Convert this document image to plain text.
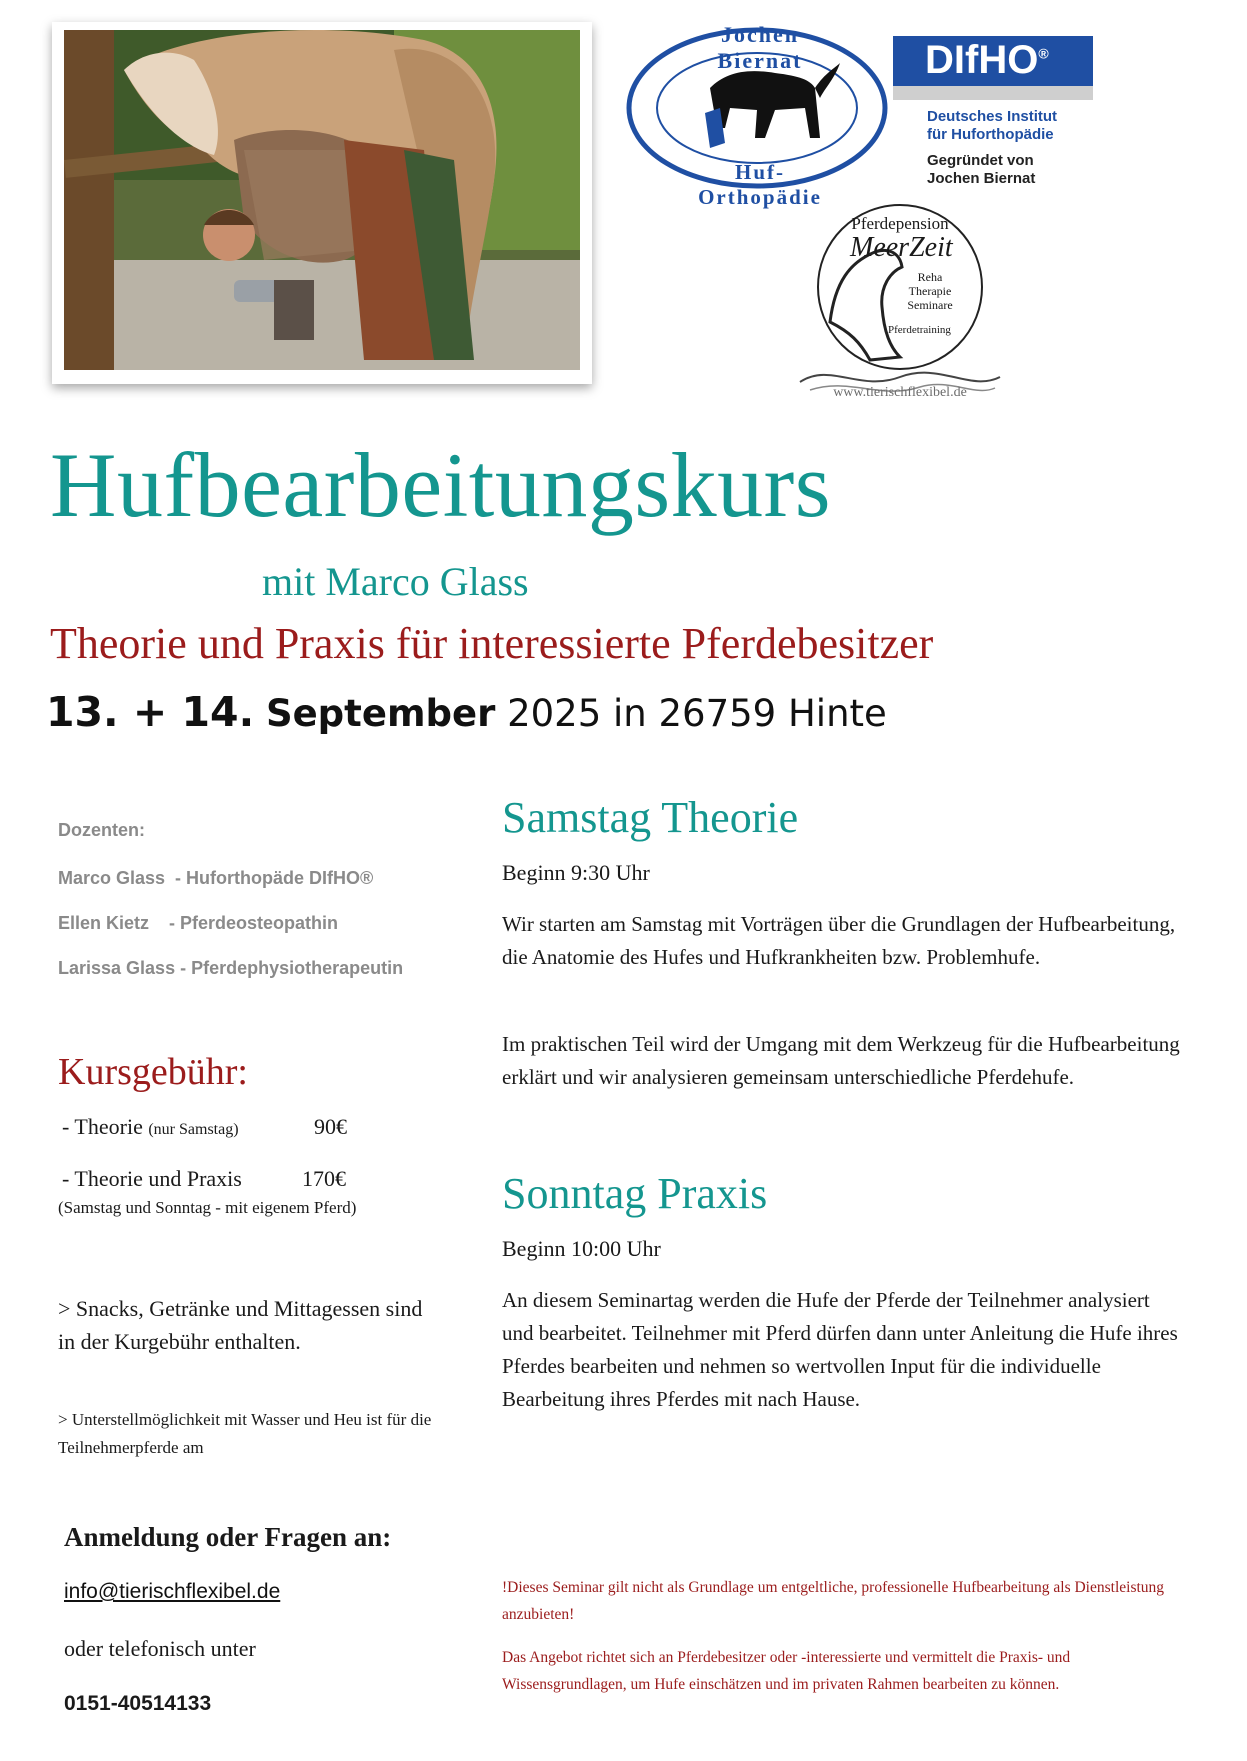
Jochen Biernat
Huf-Orthopädie
DIfHO®
Deutsches Institut
für Huforthopädie
Gegründet von
Jochen Biernat
Pferdepension
MeerZeit
Reha
Therapie
Seminare
Pferdetraining
www.tierischflexibel.de
Hufbearbeitungskurs
mit Marco Glass
Theorie und Praxis für interessierte Pferdebesitzer
13. + 14. September 2025 in 26759 Hinte
Dozenten:
Marco Glass  - Huforthopäde DIfHO®
Ellen Kietz    - Pferdeosteopathin
Larissa Glass - Pferdephysiotherapeutin
Kursgebühr:
- Theorie (nur Samstag)	90€
- Theorie und Praxis	170€
(Samstag und Sonntag - mit eigenem Pferd)
> Snacks, Getränke und Mittagessen sind in der Kurgebühr enthalten.
> Unterstellmöglichkeit mit Wasser und Heu ist für die Teilnehmerpferde am
Anmeldung oder Fragen an:
info@tierischflexibel.de
oder telefonisch unter
0151-40514133
Samstag Theorie
Beginn 9:30 Uhr
Wir starten am Samstag mit Vorträgen über die Grundlagen der Hufbearbeitung, die Anatomie des Hufes und Hufkrankheiten bzw. Problemhufe.
Im praktischen Teil wird der Umgang mit dem Werkzeug für die Hufbearbeitung erklärt und wir analysieren gemeinsam unterschiedliche Pferdehufe.
Sonntag Praxis
Beginn 10:00 Uhr
An diesem Seminartag werden die Hufe der Pferde der Teilnehmer analysiert und bearbeitet. Teilnehmer mit Pferd dürfen dann unter Anleitung die Hufe ihres Pferdes bearbeiten und nehmen so wertvollen Input für die individuelle Bearbeitung ihres Pferdes mit nach Hause.
!Dieses Seminar gilt nicht als Grundlage um entgeltliche, professionelle Hufbearbeitung als Dienstleistung anzubieten!
Das Angebot richtet sich an Pferdebesitzer oder -interessierte und vermittelt die Praxis- und Wissensgrundlagen, um Hufe einschätzen und im privaten Rahmen bearbeiten zu können.
